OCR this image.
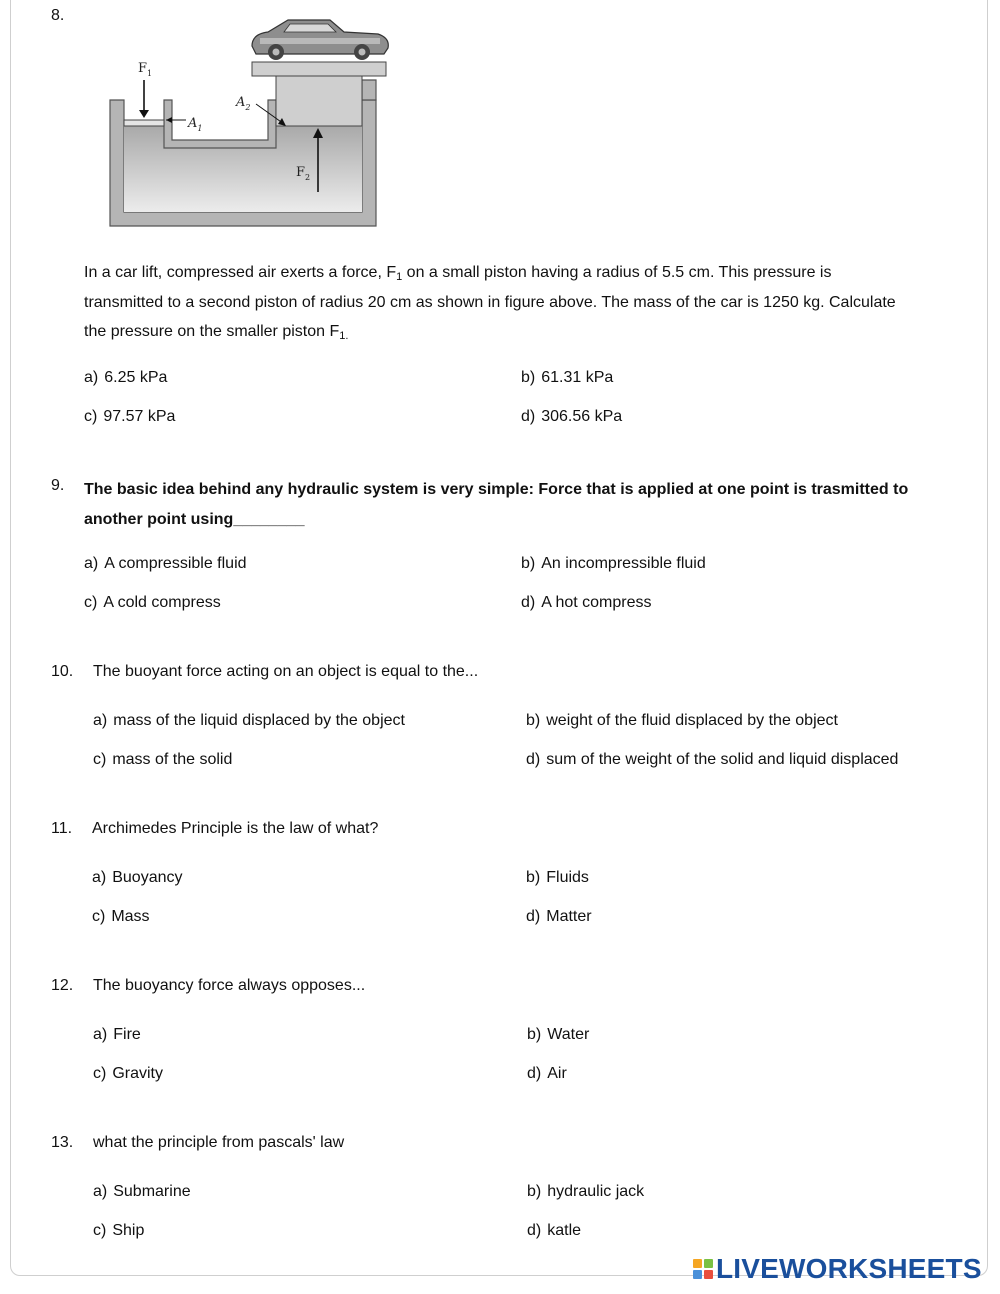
8.
$F_1$
$A_1$
$A_2$
$F_2$
In a car lift, compressed air exerts a force, $F_1$ on a small piston having a radius of 5.5 cm. This pressure is transmitted to a second piston of radius 20 cm as shown in figure above. The mass of the car is 1250 kg. Calculate the pressure on the smaller piston $F_{1.}$
a) 6.25 kPa	b) 61.31 kPa
c) 97.57 kPa	d) 306.56 kPa
9. The basic idea behind any hydraulic system is very simple: Force that is applied at one point is trasmitted to another point using________
a) A compressible fluid	b) An incompressible fluid
c) A cold compress	d) A hot compress
10. The buoyant force acting on an object is equal to the...
a) mass of the liquid displaced by the object	b) weight of the fluid displaced by the object
c) mass of the solid	d) sum of the weight of the solid and liquid displaced
11. Archimedes Principle is the law of what?
a) Buoyancy	b) Fluids
c) Mass	d) Matter
12. The buoyancy force always opposes...
a) Fire	b) Water
c) Gravity	d) Air
13. what the principle from pascals' law
a) Submarine	b) hydraulic jack
c) Ship	d) katle
LIVEWORKSHEETS
